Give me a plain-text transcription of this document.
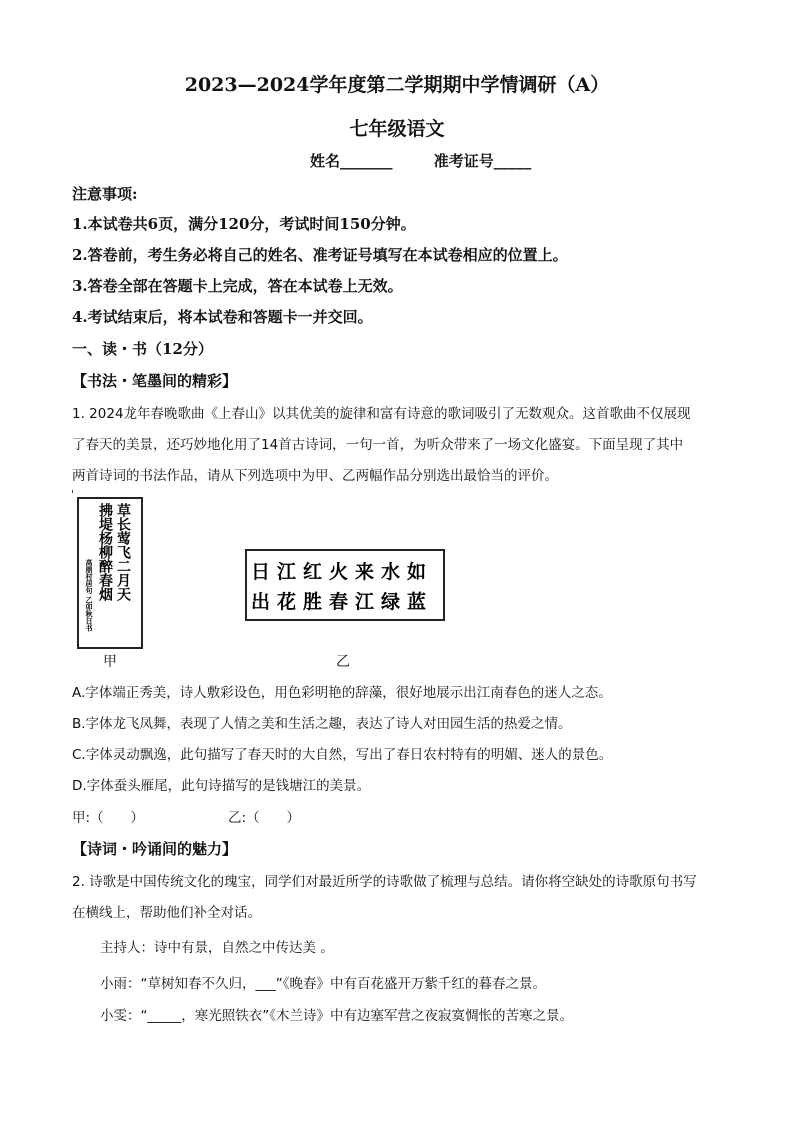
2023—2024学年度第二学期期中学情调研（A）
七年级语文
姓名_______	准考证号_____
注意事项:
1.本试卷共6页，满分120分，考试时间150分钟。
2.答卷前，考生务必将自己的姓名、准考证号填写在本试卷相应的位置上。
3.答卷全部在答题卡上完成，答在本试卷上无效。
4.考试结束后，将本试卷和答题卡一并交回。
一、读・书（12分）
【书法・笔墨间的精彩】
1. 2024龙年春晚歌曲《上春山》以其优美的旋律和富有诗意的歌词吸引了无数观众。这首歌曲不仅展现
了春天的美景，还巧妙地化用了14首古诗词，一句一首，为听众带来了一场文化盛宴。下面呈现了其中
两首诗词的书法作品，请从下列选项中为甲、乙两幅作品分别选出最恰当的评价。
草长莺飞二月天
拂堤杨柳醉春烟
高鼎村居句 乙卯秋日书
甲
日江红火来水如
出花胜春江绿蓝
乙
A.字体端正秀美，诗人敷彩设色，用色彩明艳的辞藻，很好地展示出江南春色的迷人之态。
B.字体龙飞凤舞，表现了人情之美和生活之趣，表达了诗人对田园生活的热爱之情。
C.字体灵动飘逸，此句描写了春天时的大自然，写出了春日农村特有的明媚、迷人的景色。
D.字体蚕头雁尾，此句诗描写的是钱塘江的美景。
甲:（　　）	乙:（　　）
【诗词・吟诵间的魅力】
2. 诗歌是中国传统文化的瑰宝，同学们对最近所学的诗歌做了梳理与总结。请你将空缺处的诗歌原句书写
在横线上，帮助他们补全对话。
主持人：诗中有景，自然之中传达美 。
小雨：“草树知春不久归，___”《晚春》中有百花盛开万紫千红的暮春之景。
小雯：“_____，寒光照铁衣”《木兰诗》中有边塞军营之夜寂寞惆怅的苦寒之景。
